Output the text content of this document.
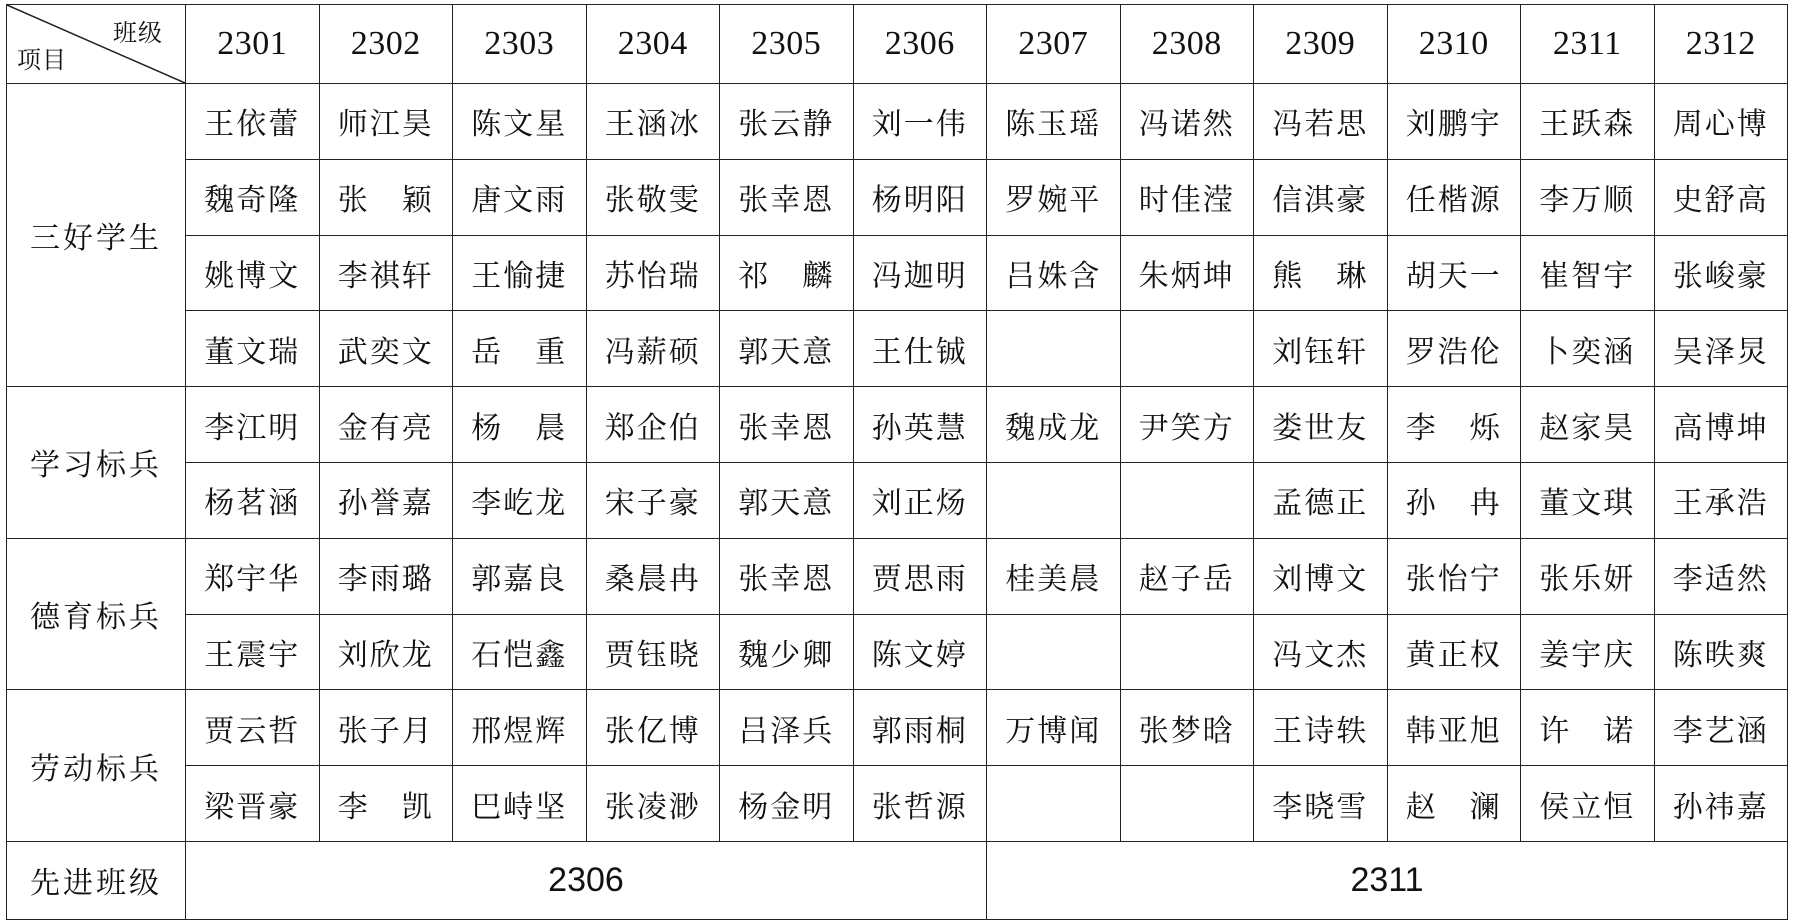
班级
项目	2301	2302	2303	2304	2305	2306	2307	2308	2309	2310	2311	2312
三好学生	王依蕾	师江昊	陈文星	王涵冰	张云静	刘一伟	陈玉瑶	冯诺然	冯若思	刘鹏宇	王跃森	周心博
	魏奇隆	张　颖	唐文雨	张敬雯	张幸恩	杨明阳	罗婉平	时佳滢	信淇豪	任楷源	李万顺	史舒高
	姚博文	李祺轩	王愉捷	苏怡瑞	祁　麟	冯迦明	吕姝含	朱炳坤	熊　琳	胡天一	崔智宇	张峻豪
	董文瑞	武奕文	岳　重	冯薪硕	郭天意	王仕铖			刘钰轩	罗浩伦	卜奕涵	吴泽炅
学习标兵	李江明	金有亮	杨　晨	郑企伯	张幸恩	孙英慧	魏成龙	尹笑方	娄世友	李　烁	赵家昊	高博坤
	杨茗涵	孙誉嘉	李屹龙	宋子豪	郭天意	刘正炀			孟德正	孙　冉	董文琪	王承浩
德育标兵	郑宇华	李雨璐	郭嘉良	桑晨冉	张幸恩	贾思雨	桂美晨	赵子岳	刘博文	张怡宁	张乐妍	李适然
	王震宇	刘欣龙	石恺鑫	贾钰晓	魏少卿	陈文婷			冯文杰	黄正权	姜宇庆	陈昳爽
劳动标兵	贾云哲	张子月	邢煜辉	张亿博	吕泽兵	郭雨桐	万博闻	张梦晗	王诗轶	韩亚旭	许　诺	李艺涵
	梁晋豪	李　凯	巴峙坚	张凌渺	杨金明	张哲源			李晓雪	赵　澜	侯立恒	孙祎嘉
先进班级	2306						2311					
